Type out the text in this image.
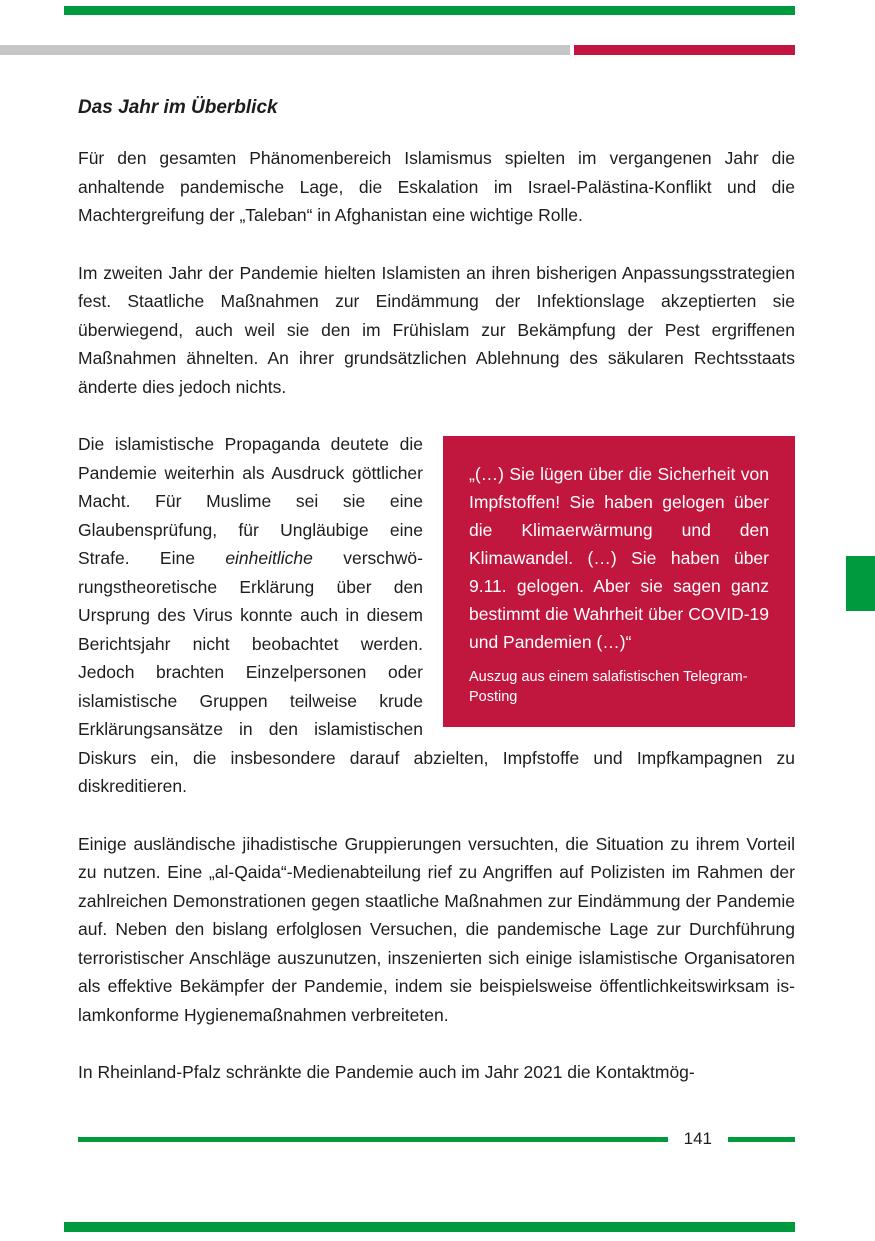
Das Jahr im Überblick

Für den gesamten Phänomenbereich Islamismus spielten im vergangenen Jahr die anhaltende pandemische Lage, die Eskalation im Israel-Palästina-Konflikt und die Machtergreifung der „Taleban“ in Afghanistan eine wichtige Rolle.

Im zweiten Jahr der Pandemie hielten Islamisten an ihren bisherigen Anpassungsstrategien fest. Staatliche Maßnahmen zur Eindämmung der Infektionslage akzeptierten sie überwiegend, auch weil sie den im Frühislam zur Bekämpfung der Pest ergriffenen Maßnahmen ähnelten. An ihrer grundsätzlichen Ablehnung des säkularen Rechtsstaats änderte dies jedoch nichts.

„(…) Sie lügen über die Sicherheit von Impfstoffen! Sie haben gelogen über die Klimaerwärmung und den Klimawandel. (…) Sie haben über 9.11. gelogen. Aber sie sagen ganz bestimmt die Wahrheit über COVID-19 und Pandemien (…)“

Auszug aus einem salafistischen Telegram-Posting

Die islamistische Propaganda deutete die Pandemie weiterhin als Ausdruck göttlicher Macht. Für Muslime sei sie eine Glaubensprüfung, für Ungläubige eine Strafe. Eine einheitliche verschwörungstheoretische Erklärung über den Ursprung des Virus konnte auch in diesem Berichtsjahr nicht beobachtet werden. Jedoch brachten Einzelpersonen oder islamistische Gruppen teilweise krude Erklärungsansätze in den islamistischen Diskurs ein, die insbesondere darauf abzielten, Impfstoffe und Impfkampagnen zu diskreditieren.

Einige ausländische jihadistische Gruppierungen versuchten, die Situation zu ihrem Vorteil zu nutzen. Eine „al-Qaida“-Medienabteilung rief zu Angriffen auf Polizisten im Rahmen der zahlreichen Demonstrationen gegen staatliche Maßnahmen zur Eindämmung der Pandemie auf. Neben den bislang erfolglosen Versuchen, die pandemische Lage zur Durchführung terroristischer Anschläge auszunutzen, inszenierten sich einige islamistische Organisatoren als effektive Bekämpfer der Pandemie, indem sie beispielsweise öffentlichkeitswirksam islamkonforme Hygienemaßnahmen verbreiteten.

In Rheinland-Pfalz schränkte die Pandemie auch im Jahr 2021 die Kontaktmög-

141
